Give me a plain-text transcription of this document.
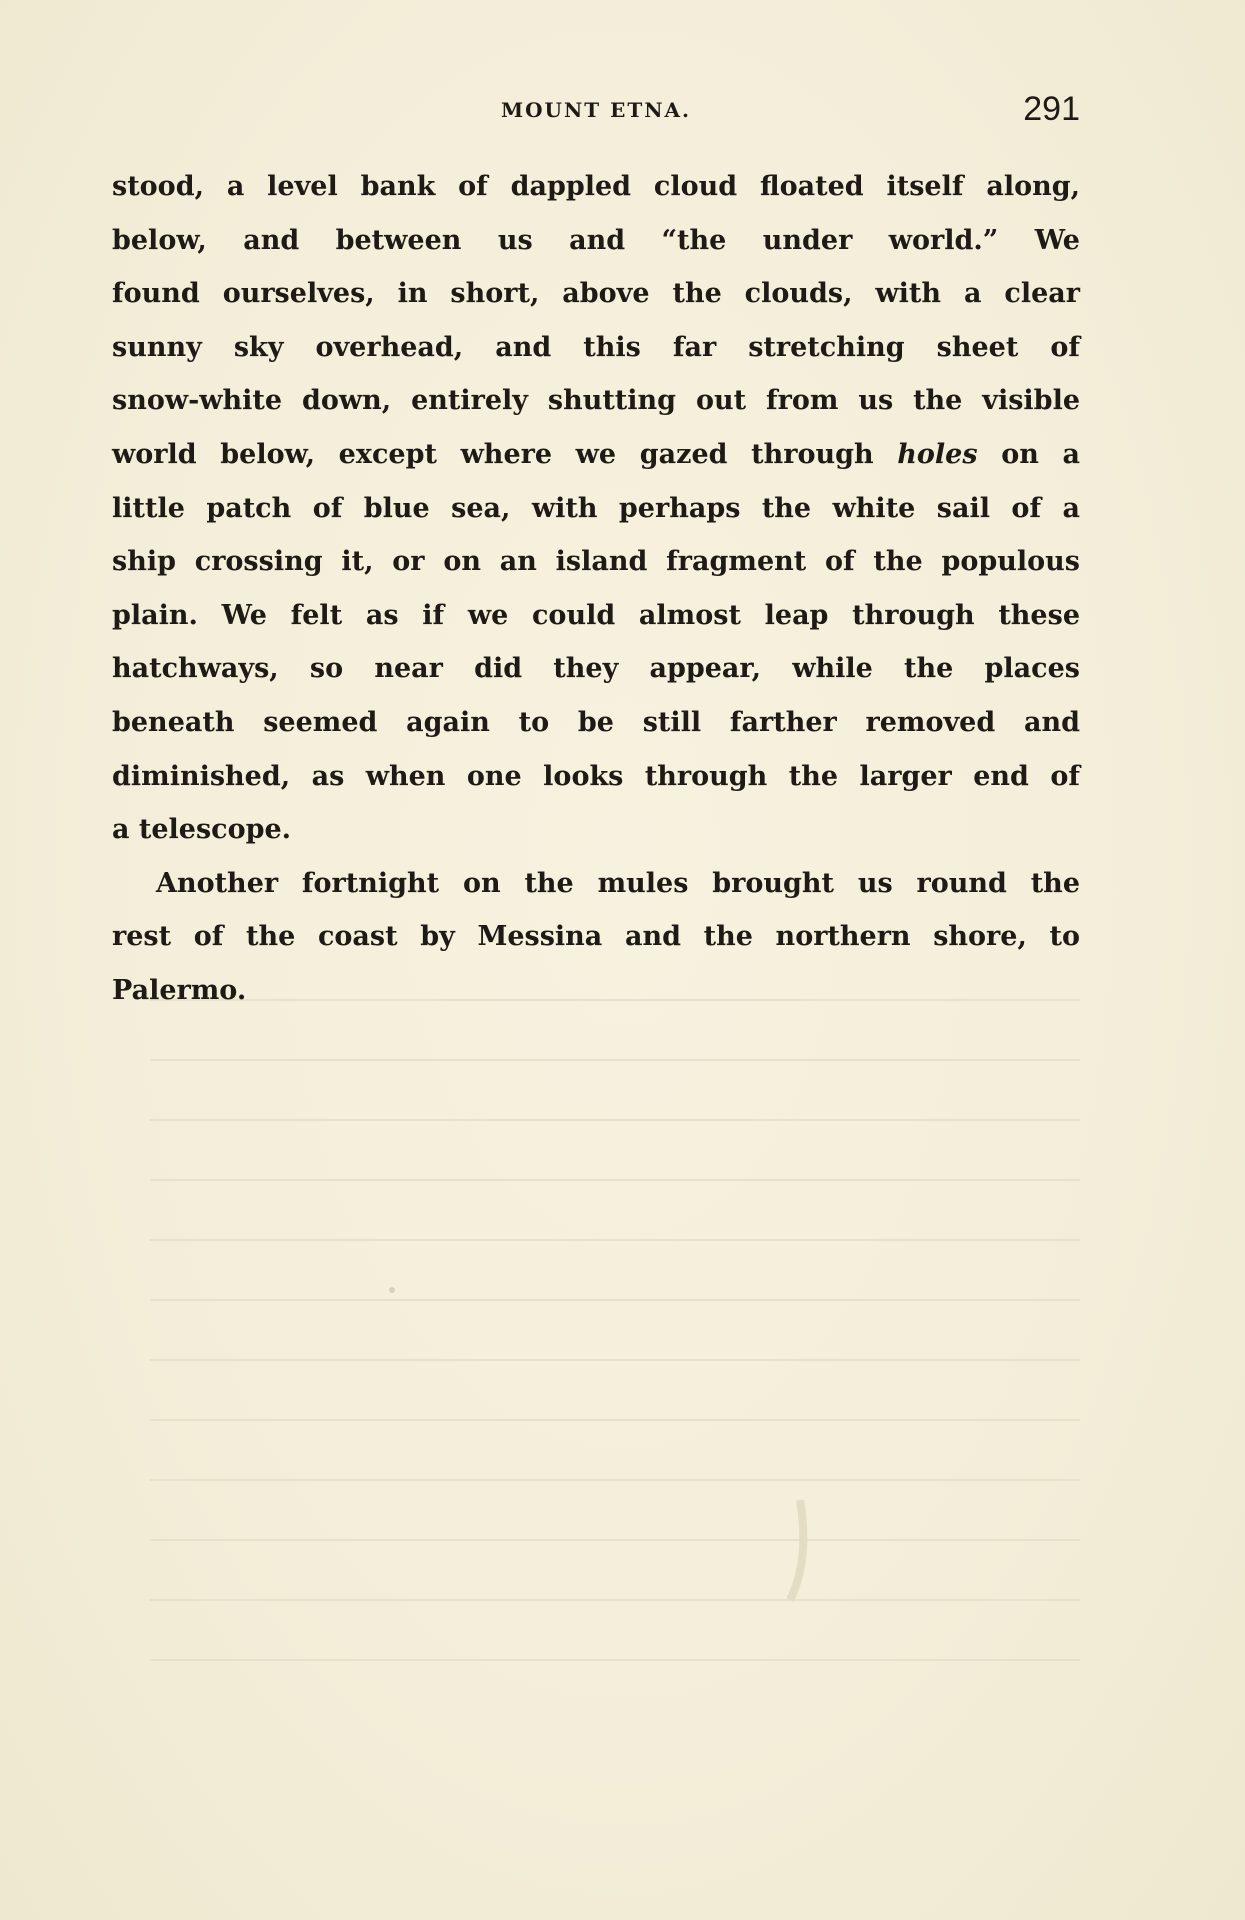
MOUNT ETNA.	291
stood, a level bank of dappled cloud floated itself along,
below, and between us and “the under world.” We
found ourselves, in short, above the clouds, with a clear
sunny sky overhead, and this far stretching sheet of
snow-white down, entirely shutting out from us the visible
world below, except where we gazed through holes on a
little patch of blue sea, with perhaps the white sail of a
ship crossing it, or on an island fragment of the populous
plain. We felt as if we could almost leap through these
hatchways, so near did they appear, while the places
beneath seemed again to be still farther removed and
diminished, as when one looks through the larger end of
a telescope.
Another fortnight on the mules brought us round the
rest of the coast by Messina and the northern shore, to
Palermo.
